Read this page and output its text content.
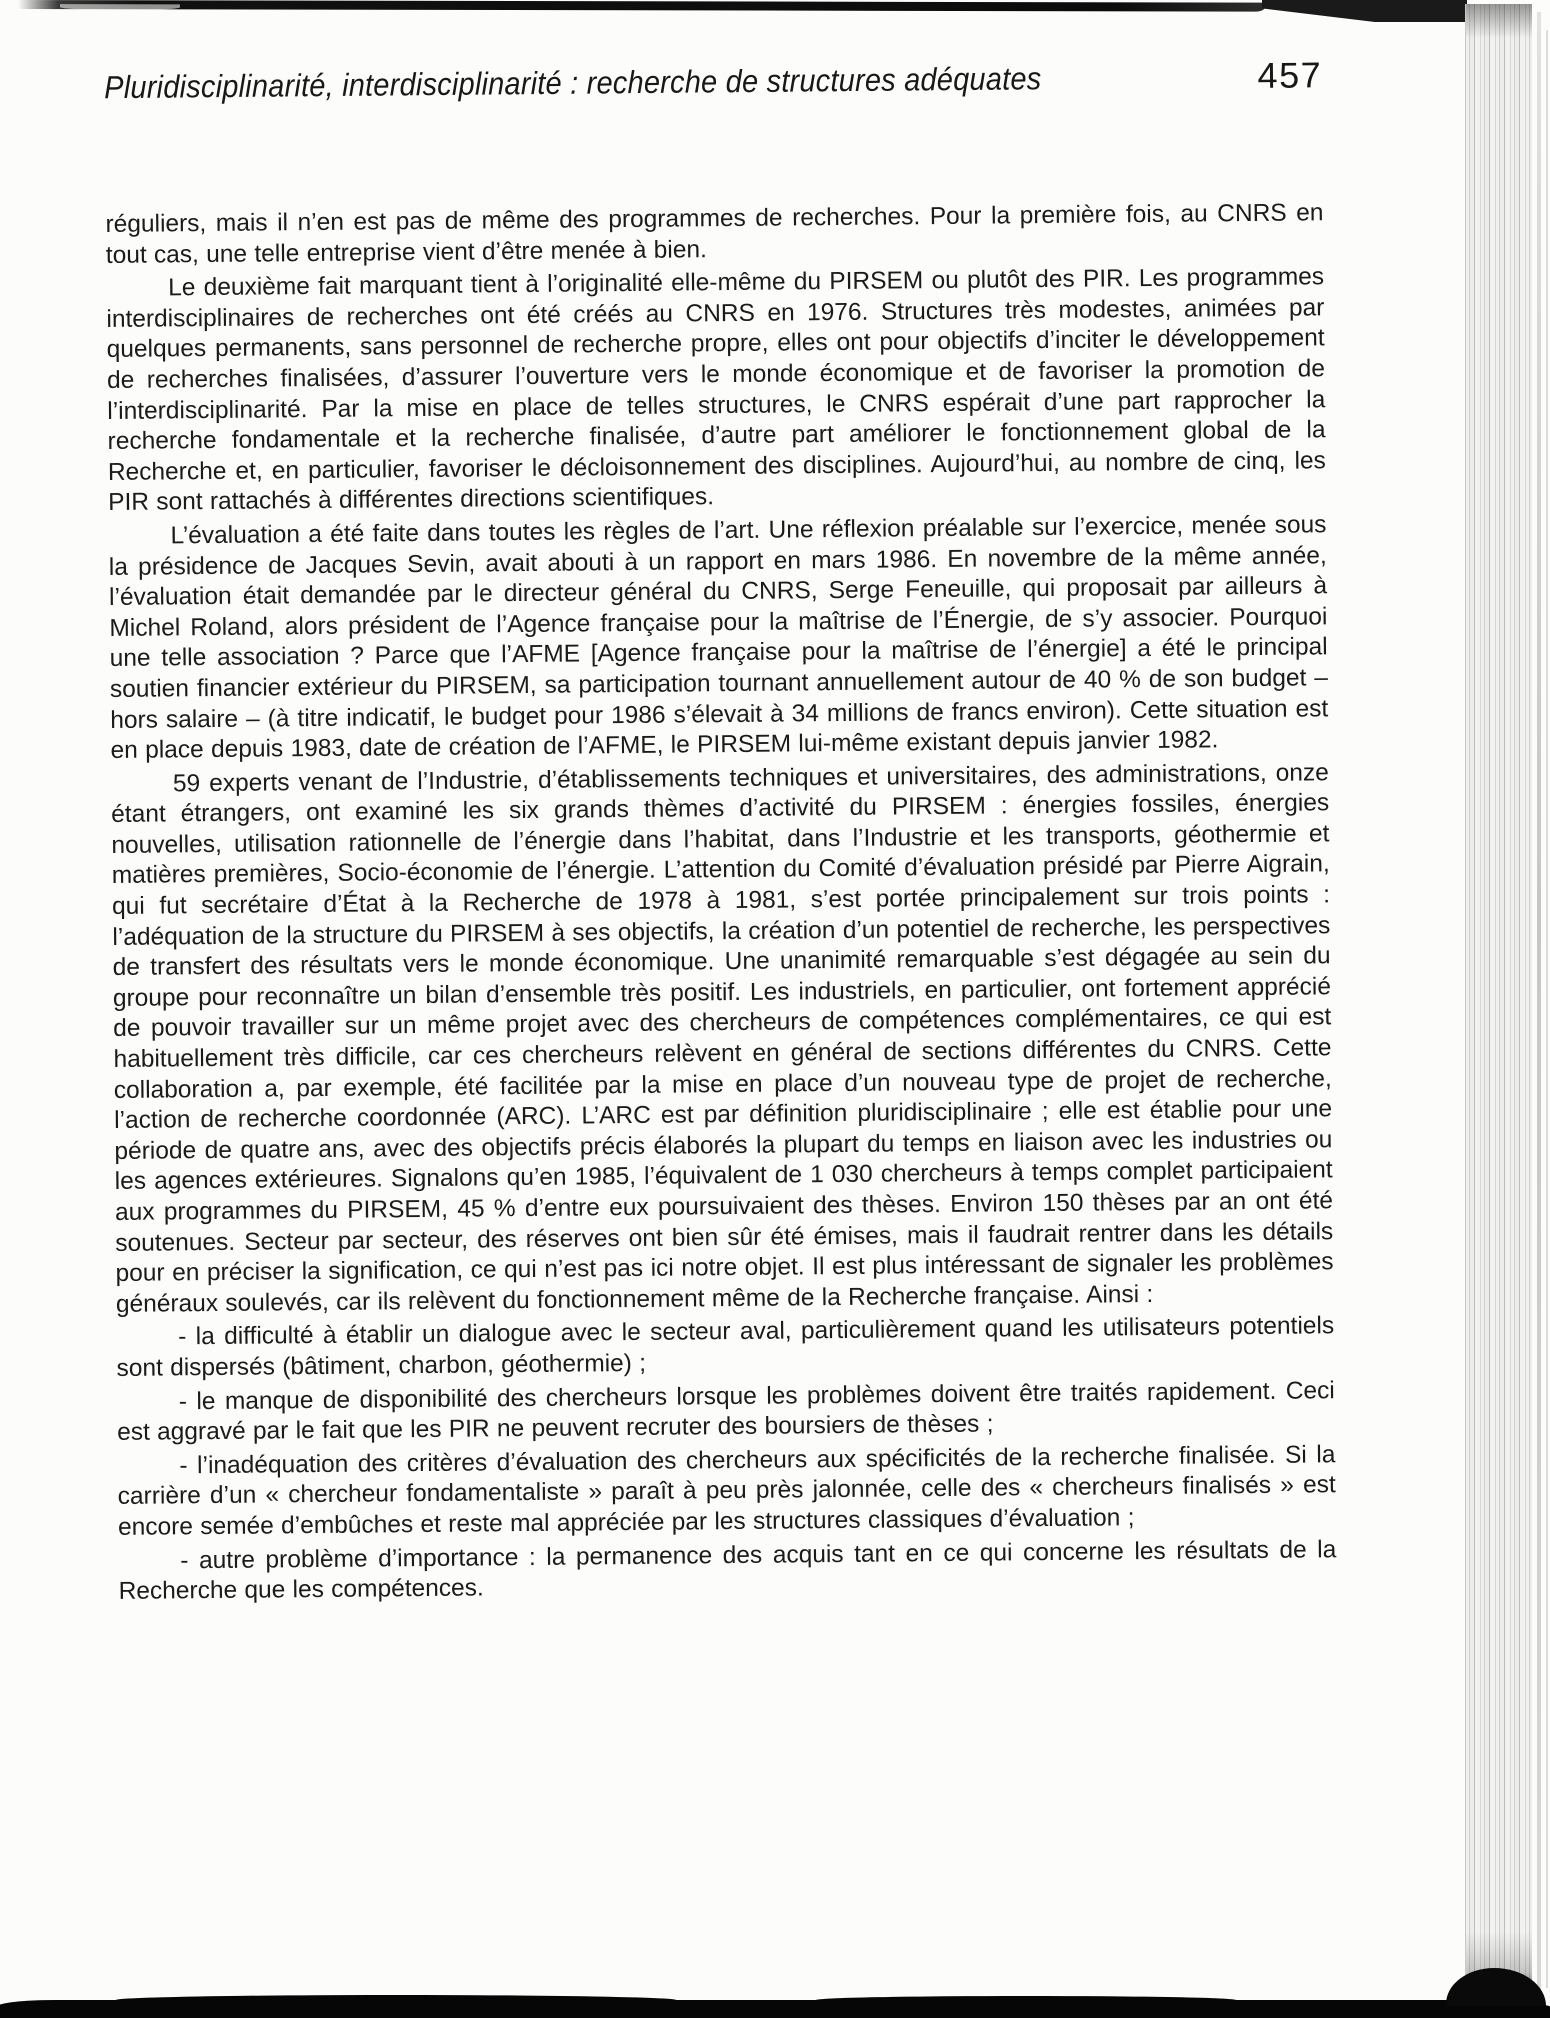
Pluridisciplinarité, interdisciplinarité : recherche de structures adéquates	457

réguliers, mais il n’en est pas de même des programmes de recherches. Pour la première fois, au CNRS en tout cas, une telle entreprise vient d’être menée à bien.

Le deuxième fait marquant tient à l’originalité elle-même du PIRSEM ou plutôt des PIR. Les programmes interdisciplinaires de recherches ont été créés au CNRS en 1976. Structures très modestes, animées par quelques permanents, sans personnel de recherche propre, elles ont pour objectifs d’inciter le développement de recherches finalisées, d’assurer l’ouverture vers le monde économique et de favoriser la promotion de l’interdisciplinarité. Par la mise en place de telles structures, le CNRS espérait d’une part rapprocher la recherche fondamentale et la recherche finalisée, d’autre part améliorer le fonctionnement global de la Recherche et, en particulier, favoriser le décloisonnement des disciplines. Aujourd’hui, au nombre de cinq, les PIR sont rattachés à différentes directions scientifiques.

L’évaluation a été faite dans toutes les règles de l’art. Une réflexion préalable sur l’exercice, menée sous la présidence de Jacques Sevin, avait abouti à un rapport en mars 1986. En novembre de la même année, l’évaluation était demandée par le directeur général du CNRS, Serge Feneuille, qui proposait par ailleurs à Michel Roland, alors président de l’Agence française pour la maîtrise de l’Énergie, de s’y associer. Pourquoi une telle association ? Parce que l’AFME [Agence française pour la maîtrise de l’énergie] a été le principal soutien financier extérieur du PIRSEM, sa participation tournant annuellement autour de 40 % de son budget – hors salaire – (à titre indicatif, le budget pour 1986 s’élevait à 34 millions de francs environ). Cette situation est en place depuis 1983, date de création de l’AFME, le PIRSEM lui-même existant depuis janvier 1982.

59 experts venant de l’Industrie, d’établissements techniques et universitaires, des administrations, onze étant étrangers, ont examiné les six grands thèmes d’activité du PIRSEM : énergies fossiles, énergies nouvelles, utilisation rationnelle de l’énergie dans l’habitat, dans l’Industrie et les transports, géothermie et matières premières, Socio-économie de l’énergie. L’attention du Comité d’évaluation présidé par Pierre Aigrain, qui fut secrétaire d’État à la Recherche de 1978 à 1981, s’est portée principalement sur trois points : l’adéquation de la structure du PIRSEM à ses objectifs, la création d’un potentiel de recherche, les perspectives de transfert des résultats vers le monde économique. Une unanimité remarquable s’est dégagée au sein du groupe pour reconnaître un bilan d’ensemble très positif. Les industriels, en particulier, ont fortement apprécié de pouvoir travailler sur un même projet avec des chercheurs de compétences complémentaires, ce qui est habituellement très difficile, car ces chercheurs relèvent en général de sections différentes du CNRS. Cette collaboration a, par exemple, été facilitée par la mise en place d’un nouveau type de projet de recherche, l’action de recherche coordonnée (ARC). L’ARC est par définition pluridisciplinaire ; elle est établie pour une période de quatre ans, avec des objectifs précis élaborés la plupart du temps en liaison avec les industries ou les agences extérieures. Signalons qu’en 1985, l’équivalent de 1 030 chercheurs à temps complet participaient aux programmes du PIRSEM, 45 % d’entre eux poursuivaient des thèses. Environ 150 thèses par an ont été soutenues. Secteur par secteur, des réserves ont bien sûr été émises, mais il faudrait rentrer dans les détails pour en préciser la signification, ce qui n’est pas ici notre objet. Il est plus intéressant de signaler les problèmes généraux soulevés, car ils relèvent du fonctionnement même de la Recherche française. Ainsi :

- la difficulté à établir un dialogue avec le secteur aval, particulièrement quand les utilisateurs potentiels sont dispersés (bâtiment, charbon, géothermie) ;

- le manque de disponibilité des chercheurs lorsque les problèmes doivent être traités rapidement. Ceci est aggravé par le fait que les PIR ne peuvent recruter des boursiers de thèses ;

- l’inadéquation des critères d’évaluation des chercheurs aux spécificités de la recherche finalisée. Si la carrière d’un « chercheur fondamentaliste » paraît à peu près jalonnée, celle des « chercheurs finalisés » est encore semée d’embûches et reste mal appréciée par les structures classiques d’évaluation ;

- autre problème d’importance : la permanence des acquis tant en ce qui concerne les résultats de la Recherche que les compétences.
